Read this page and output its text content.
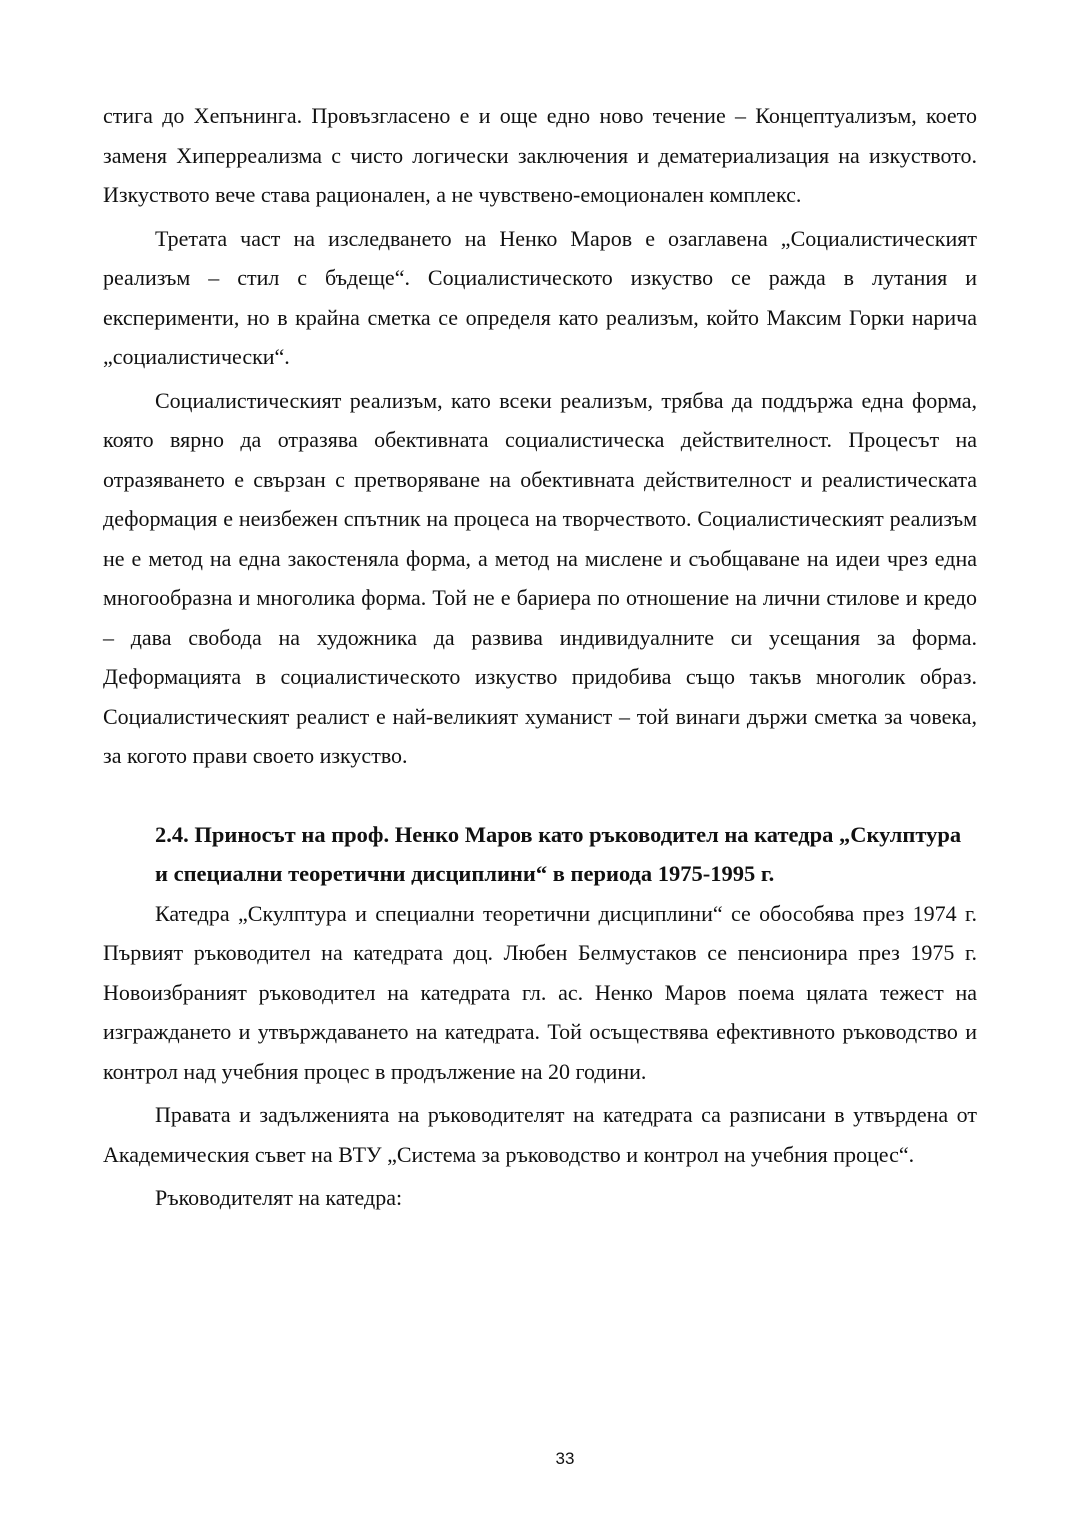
стига до Хепънинга. Провъзгласено е и още едно ново течение – Концептуализъм, което заменя Хиперреализма с чисто логически заключения и дематериализация на изкуството. Изкуството вече става рационален, а не чувствено-емоционален комплекс.

Третата част на изследването на Ненко Маров е озаглавена „Социалистическият реализъм – стил с бъдеще“. Социалистическото изкуство се ражда в лутания и експерименти, но в крайна сметка се определя като реализъм, който Максим Горки нарича „социалистически“.

Социалистическият реализъм, като всеки реализъм, трябва да поддържа една форма, която вярно да отразява обективната социалистическа действителност. Процесът на отразяването е свързан с претворяване на обективната действителност и реалистическата деформация е неизбежен спътник на процеса на творчеството. Социалистическият реализъм не е метод на една закостеняла форма, а метод на мислене и съобщаване на идеи чрез една многообразна и многолика форма. Той не е бариера по отношение на лични стилове и кредо – дава свобода на художника да развива индивидуалните си усещания за форма. Деформацията в социалистическото изкуство придобива също такъв многолик образ. Социалистическият реалист е най-великият хуманист – той винаги държи сметка за човека, за когото прави своето изкуство.

2.4. Приносът на проф. Ненко Маров като ръководител на катедра „Скулптура и специални теоретични дисциплини“ в периода 1975-1995 г.

Катедра „Скулптура и специални теоретични дисциплини“ се обособява през 1974 г. Първият ръководител на катедрата доц. Любен Белмустаков се пенсионира през 1975 г. Новоизбраният ръководител на катедрата гл. ас. Ненко Маров поема цялата тежест на изграждането и утвърждаването на катедрата. Той осъществява ефективното ръководство и контрол над учебния процес в продължение на 20 години.

Правата и задълженията на ръководителят на катедрата са разписани в утвърдена от Академическия съвет на ВТУ „Система за ръководство и контрол на учебния процес“.

Ръководителят на катедра:

33
